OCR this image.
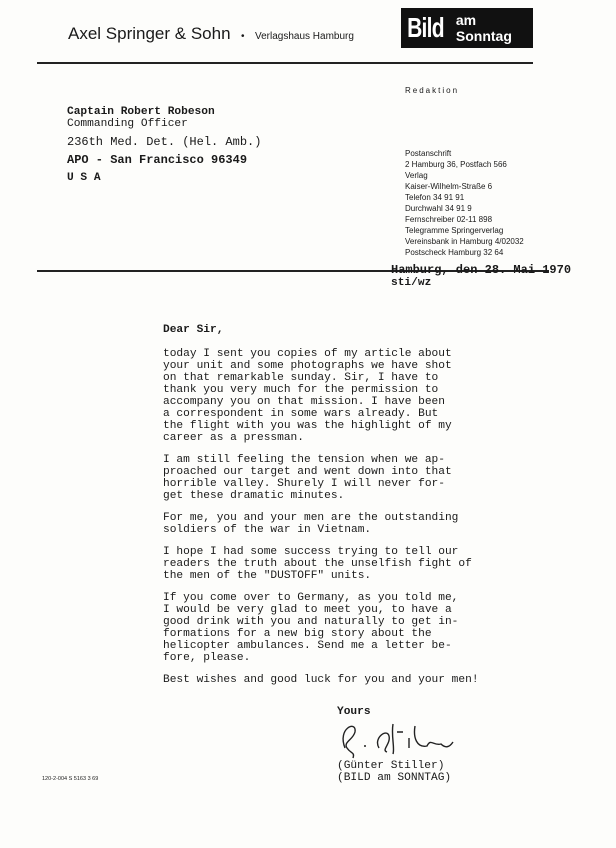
Axel Springer & Sohn • Verlagshaus Hamburg Bild am Sonntag
Redaktion
Captain Robert Robeson
Commanding Officer
236th Med. Det. (Hel. Amb.)
APO - San Francisco 96349
U S A
Postanschrift
2 Hamburg 36, Postfach 566
Verlag
Kaiser-Wilhelm-Straße 6
Telefon 34 91 91
Durchwahl 34 91 9
Fernschreiber 02-11 898
Telegramme Springerverlag
Vereinsbank in Hamburg 4/02032
Postscheck Hamburg 32 64
Hamburg, den 28. Mai 1970
sti/wz

Dear Sir,

today I sent you copies of my article about
your unit and some photographs we have shot
on that remarkable sunday. Sir, I have to
thank you very much for the permission to
accompany you on that mission. I have been
a correspondent in some wars already. But
the flight with you was the highlight of my
career as a pressman.

I am still feeling the tension when we ap-
proached our target and went down into that
horrible valley. Shurely I will never for-
get these dramatic minutes.

For me, you and your men are the outstanding
soldiers of the war in Vietnam.

I hope I had some success trying to tell our
readers the truth about the unselfish fight of
the men of the "DUSTOFF" units.

If you come over to Germany, as you told me,
I would be very glad to meet you, to have a
good drink with you and naturally to get in-
formations for a new big story about the
helicopter ambulances. Send me a letter be-
fore, please.

Best wishes and good luck for you and your men!

Yours
(Günter Stiller)
(BILD am SONNTAG)
120-2-004 S 5163 3 69
